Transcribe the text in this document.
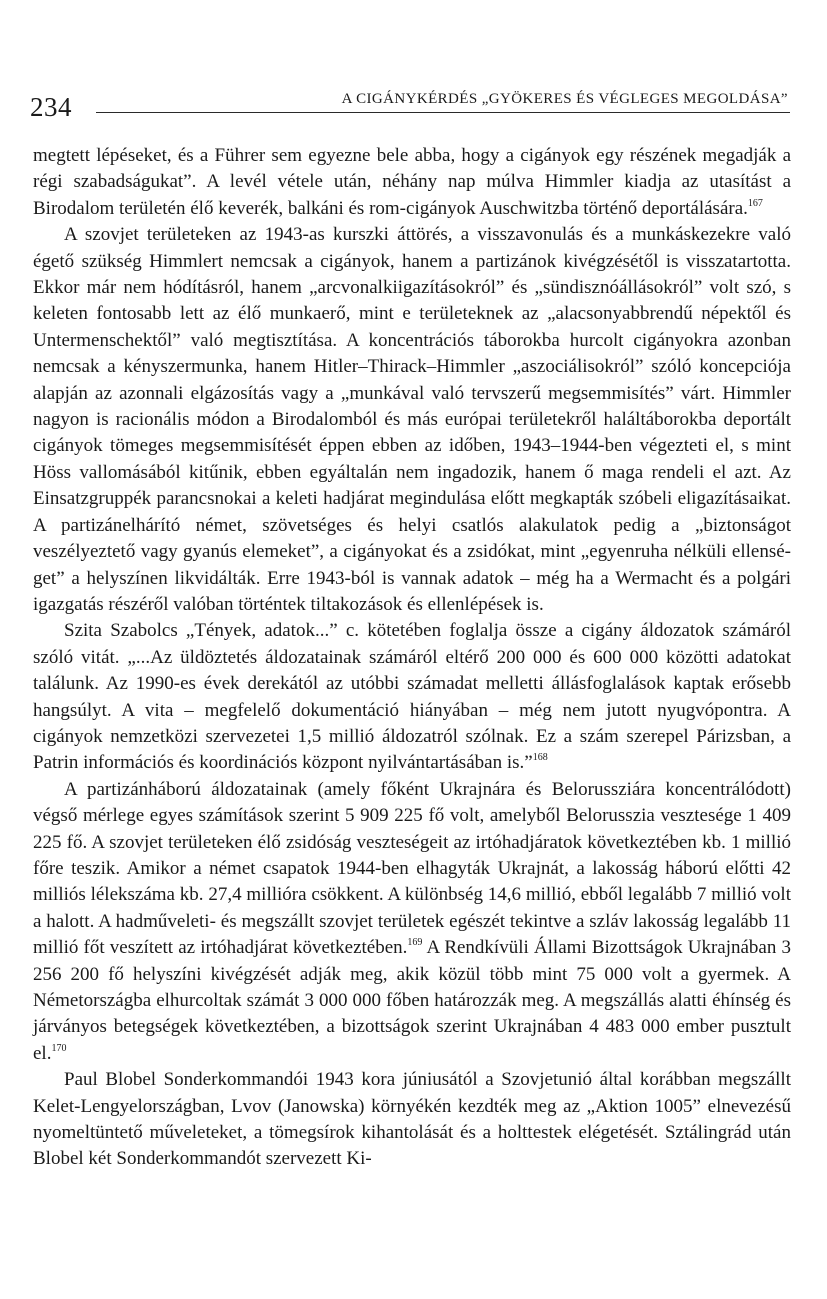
234	A CIGÁNYKÉRDÉS „GYÖKERES ÉS VÉGLEGES MEGOLDÁSA”

megtett lépéseket, és a Führer sem egyezne bele abba, hogy a cigányok egy részének megadják a régi szabadságukat”. A levél vétele után, néhány nap múlva Himmler kiadja az utasítást a Birodalom területén élő keverék, balkáni és rom-cigányok Auschwitzba történő deportálására.$^{167}$

A szovjet területeken az 1943-as kurszki áttörés, a visszavonulás és a munkáskezekre való égető szükség Himmlert nemcsak a cigányok, hanem a partizánok kivégzésétől is visszatartotta. Ekkor már nem hódításról, hanem „arcvonalkiigazításokról” és „sündisznóállásokról” volt szó, s keleten fontosabb lett az élő munkaerő, mint e területeknek az „alacsonyabbrendű népektől és Untermenschektől” való megtisztítása. A koncentrációs táborokba hurcolt cigányokra azonban nemcsak a kényszermunka, hanem Hitler–Thirack–Himmler „aszociálisokról” szóló koncepciója alapján az azonnali elgázosítás vagy a „munkával való tervszerű megsemmisítés” várt. Himmler nagyon is racionális módon a Birodalomból és más európai területekről haláltáborokba deportált cigányok tömeges megsemmisítését éppen ebben az időben, 1943–1944-ben végezteti el, s mint Höss vallomásából kitűnik, ebben egyáltalán nem ingadozik, hanem ő maga rendeli el azt. Az Einsatzgruppék parancsnokai a keleti hadjárat megindulása előtt megkapták szóbeli eligazításaikat. A partizánelhárító német, szövetséges és helyi csatlós alakulatok pedig a „biztonságot veszélyeztető vagy gyanús elemeket”, a cigányokat és a zsidókat, mint „egyenruha nélküli ellenséget” a helyszínen likvidálták. Erre 1943-ból is vannak adatok – még ha a Wermacht és a polgári igazgatás részéről valóban történtek tiltakozások és ellenlépések is.

Szita Szabolcs „Tények, adatok...” c. kötetében foglalja össze a cigány áldozatok számáról szóló vitát. „...Az üldöztetés áldozatainak számáról eltérő 200 000 és 600 000 közötti adatokat találunk. Az 1990-es évek derekától az utóbbi számadat melletti állásfoglalások kaptak erősebb hangsúlyt. A vita – megfelelő dokumentáció hiányában – még nem jutott nyugvópontra. A cigányok nemzetközi szervezetei 1,5 millió áldozatról szólnak. Ez a szám szerepel Párizsban, a Patrin információs és koordinációs központ nyilvántartásában is.”$^{168}$

A partizánháború áldozatainak (amely főként Ukrajnára és Belorussziára koncentrálódott) végső mérlege egyes számítások szerint 5 909 225 fő volt, amelyből Belorusszia vesztesége 1 409 225 fő. A szovjet területeken élő zsidóság veszteségeit az irtóhadjáratok következtében kb. 1 millió főre teszik. Amikor a német csapatok 1944-ben elhagyták Ukrajnát, a lakosság háború előtti 42 milliós lélekszáma kb. 27,4 millióra csökkent. A különbség 14,6 millió, ebből legalább 7 millió volt a halott. A hadműveleti- és megszállt szovjet területek egészét tekintve a szláv lakosság legalább 11 millió főt veszített az irtóhadjárat következtében.$^{169}$ A Rendkívüli Állami Bizottságok Ukrajnában 3 256 200 fő helyszíni kivégzését adják meg, akik közül több mint 75 000 volt a gyermek. A Németországba elhurcoltak számát 3 000 000 főben határozzák meg. A megszállás alatti éhínség és járványos betegségek következtében, a bizottságok szerint Ukrajnában 4 483 000 ember pusztult el.$^{170}$

Paul Blobel Sonderkommandói 1943 kora júniusától a Szovjetunió által korábban megszállt Kelet-Lengyelországban, Lvov (Janowska) környékén kezdték meg az „Aktion 1005” elnevezésű nyomeltüntető műveleteket, a tömegsírok kihantolását és a holttestek elégetését. Sztálingrád után Blobel két Sonderkommandót szervezett Ki-
